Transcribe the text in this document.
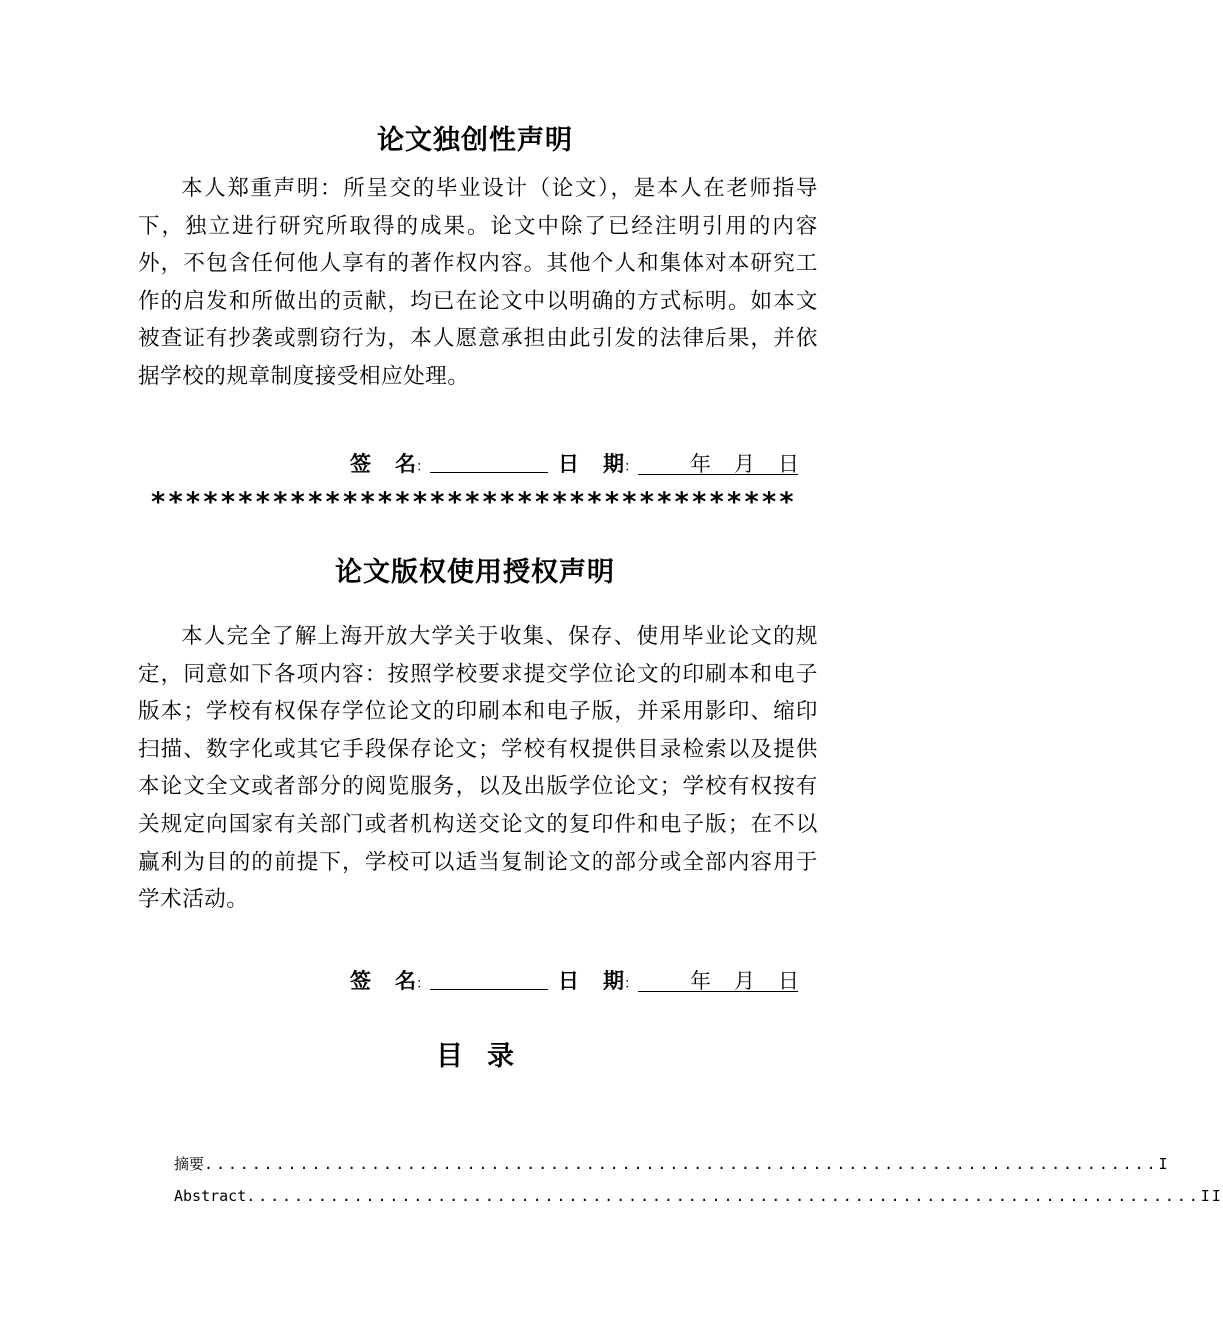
论文独创性声明
本人郑重声明：所呈交的毕业设计（论文），是本人在老师指导下，独立进行研究所取得的成果。论文中除了已经注明引用的内容外，不包含任何他人享有的著作权内容。其他个人和集体对本研究工作的启发和所做出的贡献，均已在论文中以明确的方式标明。如本文被查证有抄袭或剽窃行为，本人愿意承担由此引发的法律后果，并依据学校的规章制度接受相应处理。
签 名：	日 期： 年 月 日
*************************************
论文版权使用授权声明
本人完全了解上海开放大学关于收集、保存、使用毕业论文的规定，同意如下各项内容：按照学校要求提交学位论文的印刷本和电子版本；学校有权保存学位论文的印刷本和电子版，并采用影印、缩印扫描、数字化或其它手段保存论文；学校有权提供目录检索以及提供本论文全文或者部分的阅览服务，以及出版学位论文；学校有权按有关规定向国家有关部门或者机构送交论文的复印件和电子版；在不以赢利为目的的前提下，学校可以适当复制论文的部分或全部内容用于学术活动。
签 名：	日 期： 年 月 日
目录
摘要 ................................................................................ I
Abstract ................................................................................ II
